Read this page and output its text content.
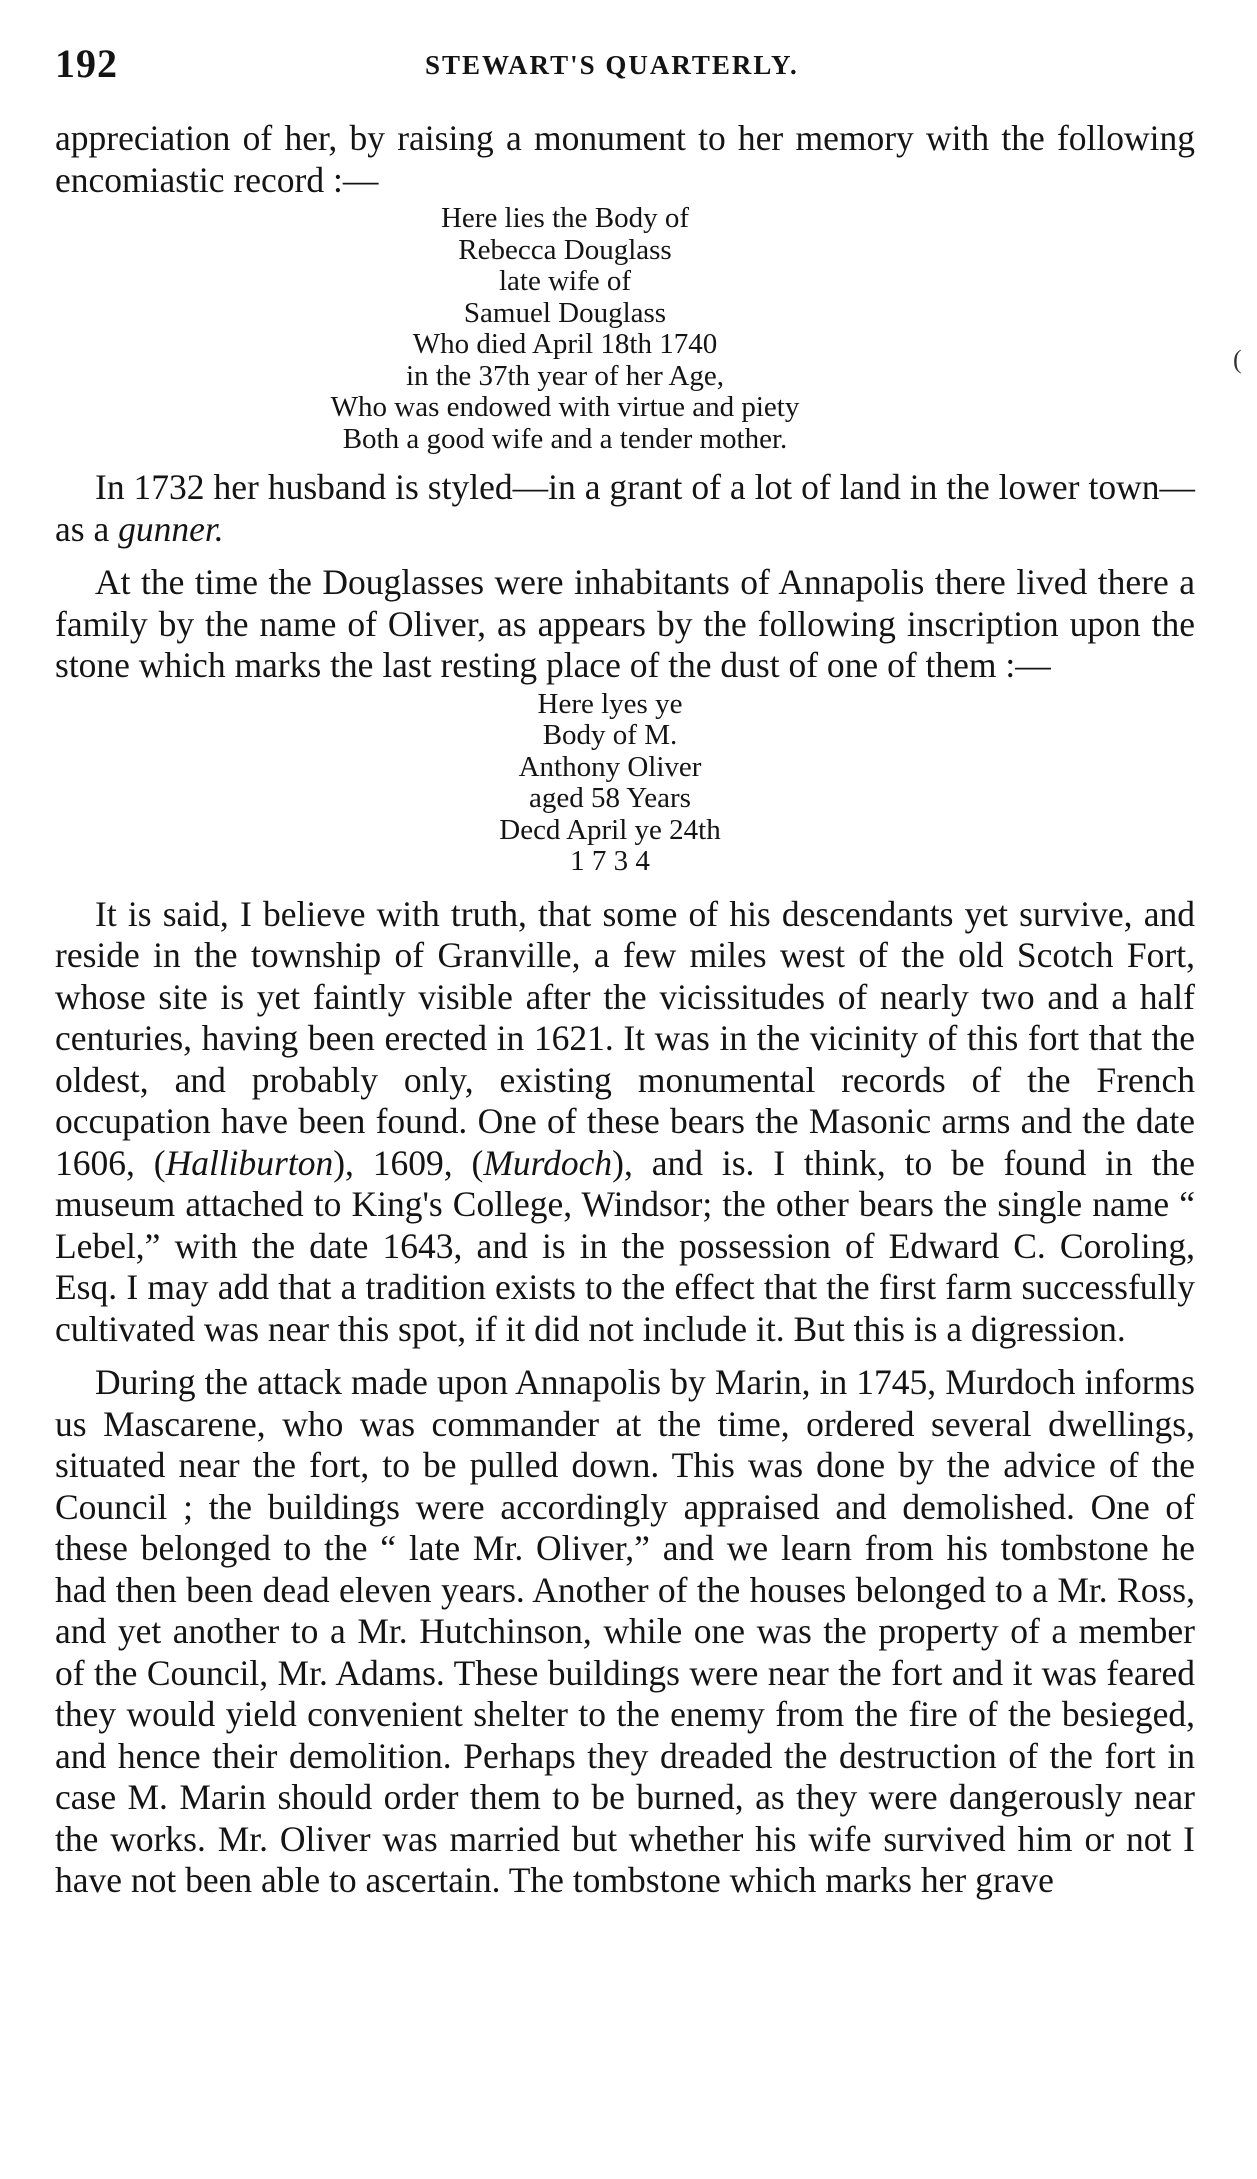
192	STEWART'S QUARTERLY.
(

appreciation of her, by raising a monument to her memory with the following encomiastic record :—

Here lies the Body of
Rebecca Douglass
late wife of
Samuel Douglass
Who died April 18th 1740
in the 37th year of her Age,
Who was endowed with virtue and piety
Both a good wife and a tender mother.

In 1732 her husband is styled—in a grant of a lot of land in the lower town—as a gunner.

At the time the Douglasses were inhabitants of Annapolis there lived there a family by the name of Oliver, as appears by the following inscription upon the stone which marks the last resting place of the dust of one of them :—

Here lyes ye
Body of M.
Anthony Oliver
aged 58 Years
Decd April ye 24th
1 7 3 4

It is said, I believe with truth, that some of his descendants yet survive, and reside in the township of Granville, a few miles west of the old Scotch Fort, whose site is yet faintly visible after the vicissitudes of nearly two and a half centuries, having been erected in 1621. It was in the vicinity of this fort that the oldest, and probably only, existing monumental records of the French occupation have been found. One of these bears the Masonic arms and the date 1606, (Halliburton), 1609, (Murdoch), and is. I think, to be found in the museum attached to King's College, Windsor; the other bears the single name “ Lebel,” with the date 1643, and is in the possession of Edward C. Coroling, Esq. I may add that a tradition exists to the effect that the first farm successfully cultivated was near this spot, if it did not include it. But this is a digression.

During the attack made upon Annapolis by Marin, in 1745, Murdoch informs us Mascarene, who was commander at the time, ordered several dwellings, situated near the fort, to be pulled down. This was done by the advice of the Council ; the buildings were accordingly appraised and demolished. One of these belonged to the “ late Mr. Oliver,” and we learn from his tombstone he had then been dead eleven years. Another of the houses belonged to a Mr. Ross, and yet another to a Mr. Hutchinson, while one was the property of a member of the Council, Mr. Adams. These buildings were near the fort and it was feared they would yield convenient shelter to the enemy from the fire of the besieged, and hence their demolition. Perhaps they dreaded the destruction of the fort in case M. Marin should order them to be burned, as they were dangerously near the works. Mr. Oliver was married but whether his wife survived him or not I have not been able to ascertain. The tombstone which marks her grave
